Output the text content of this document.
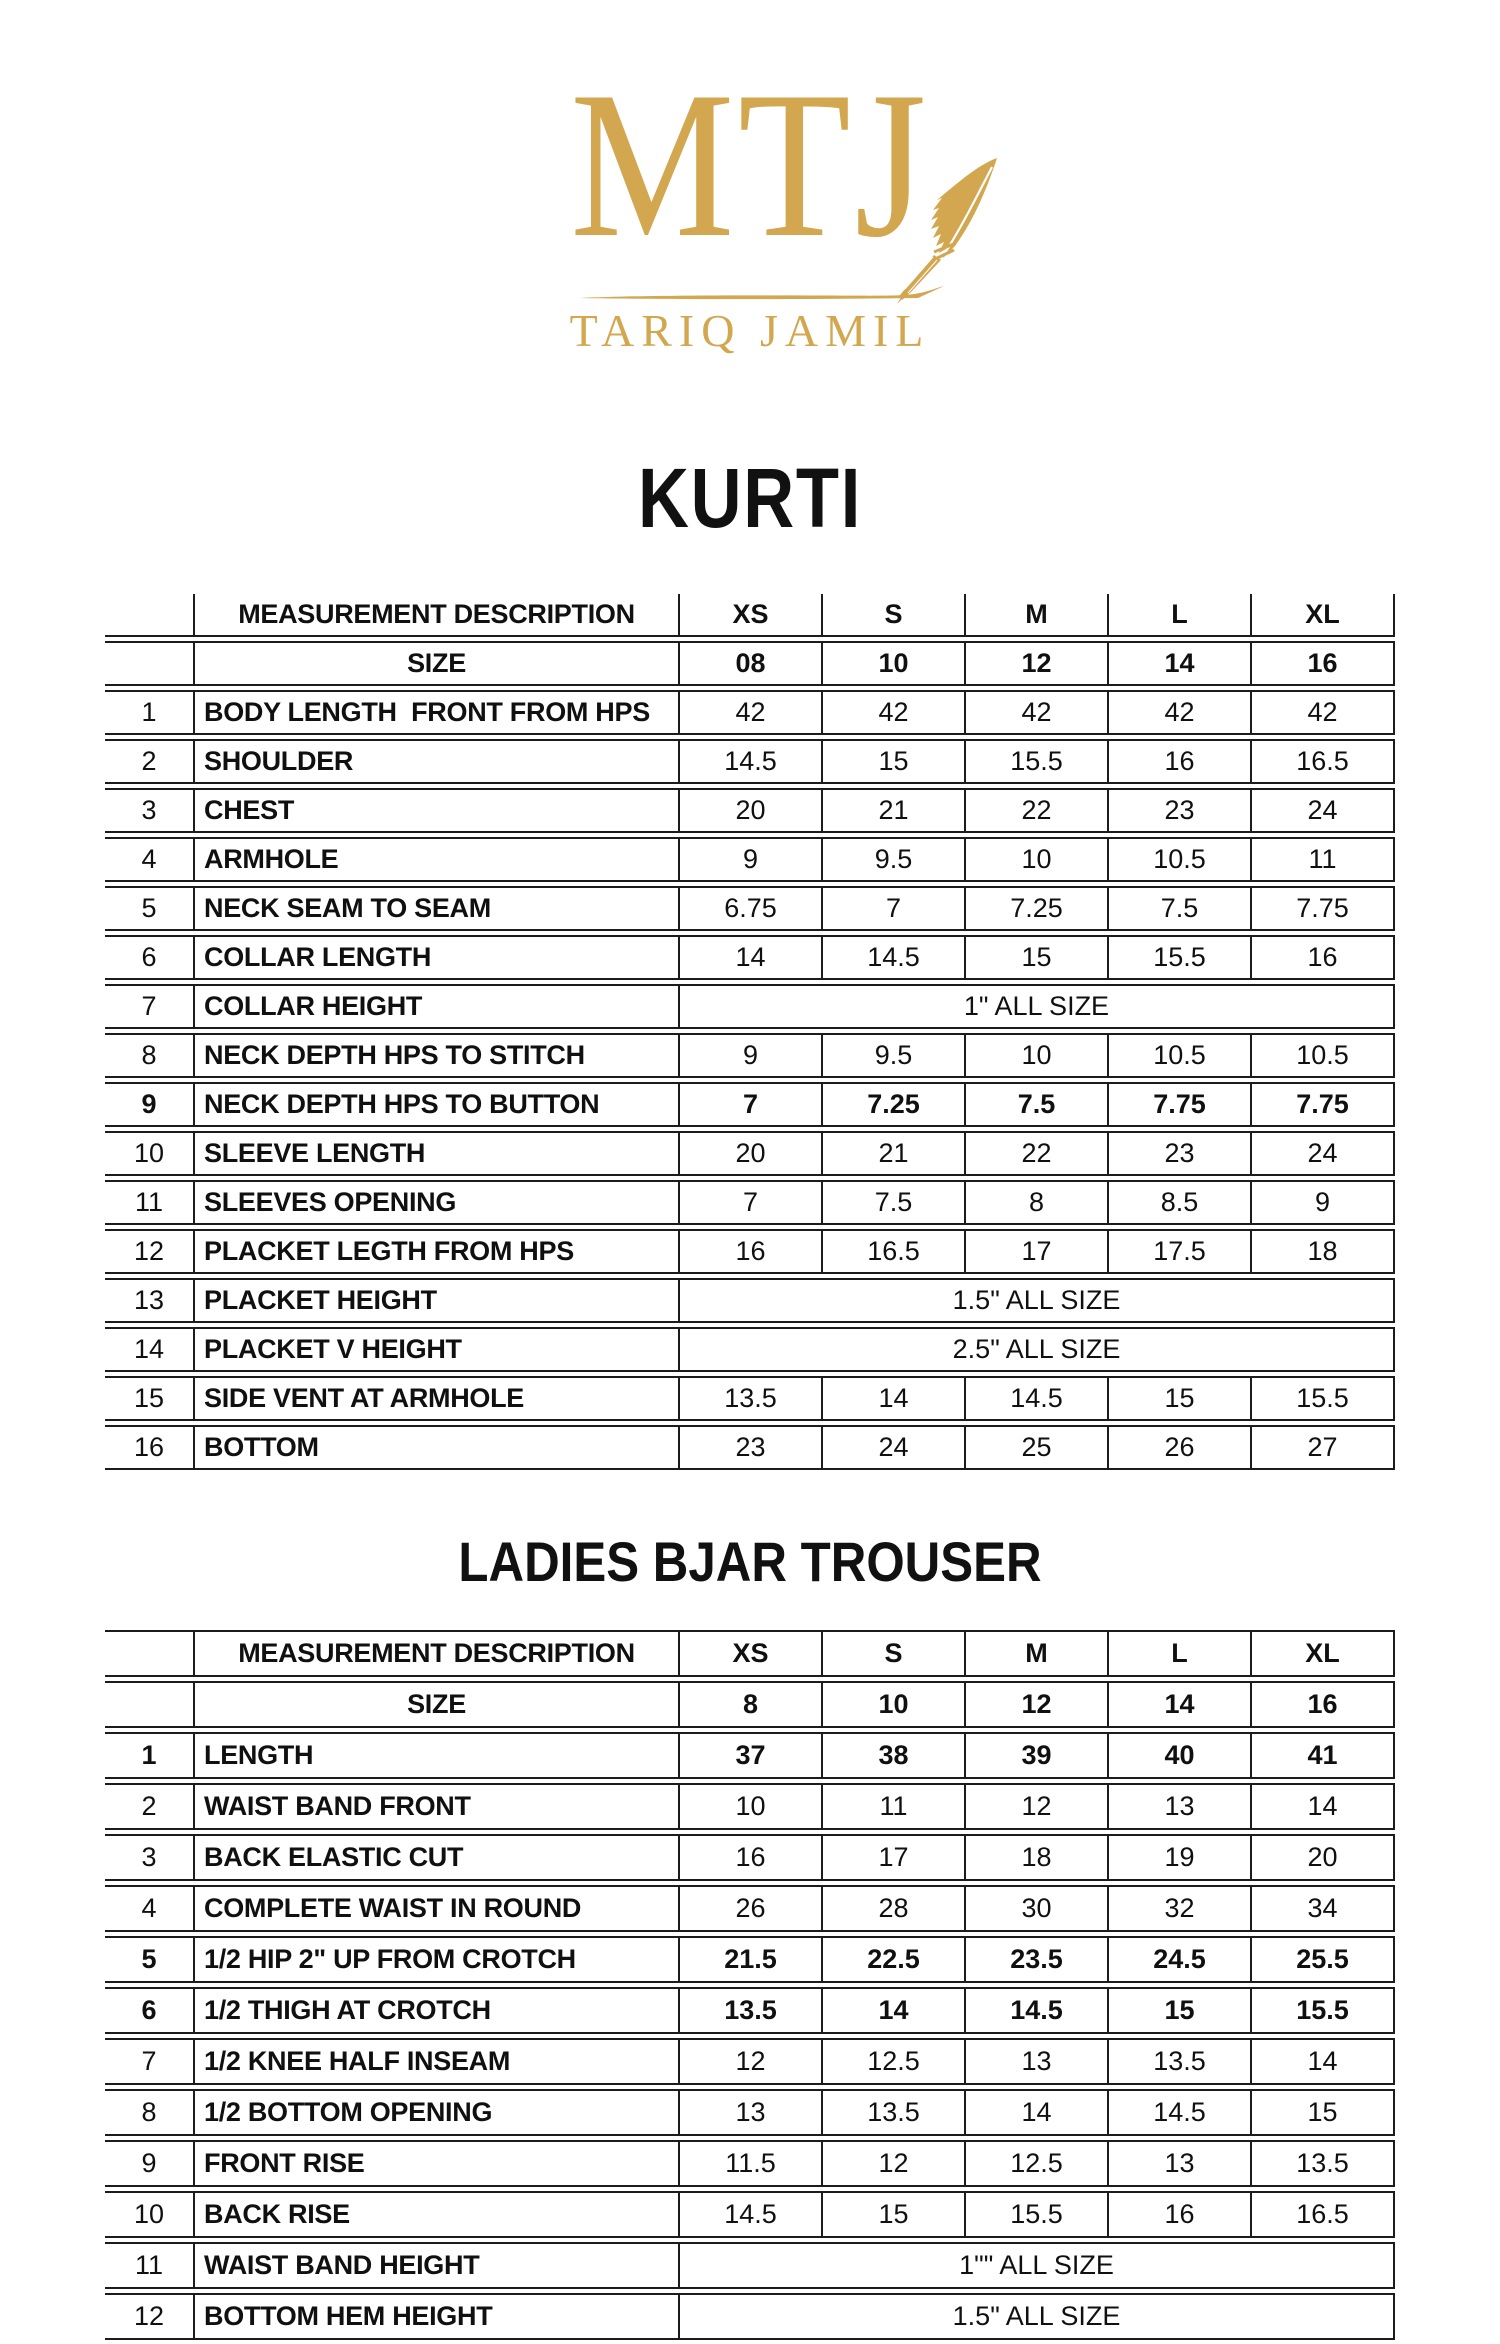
MTJ
TARIQ JAMIL
KURTI
	MEASUREMENT DESCRIPTION	XS	S	M	L	XL
	SIZE	08	10	12	14	16
1	BODY LENGTH  FRONT FROM HPS	42	42	42	42	42
2	SHOULDER	14.5	15	15.5	16	16.5
3	CHEST	20	21	22	23	24
4	ARMHOLE	9	9.5	10	10.5	11
5	NECK SEAM TO SEAM	6.75	7	7.25	7.5	7.75
6	COLLAR LENGTH	14	14.5	15	15.5	16
7	COLLAR HEIGHT	1" ALL SIZE				
8	NECK DEPTH HPS TO STITCH	9	9.5	10	10.5	10.5
9	NECK DEPTH HPS TO BUTTON	7	7.25	7.5	7.75	7.75
10	SLEEVE LENGTH	20	21	22	23	24
11	SLEEVES OPENING	7	7.5	8	8.5	9
12	PLACKET LEGTH FROM HPS	16	16.5	17	17.5	18
13	PLACKET HEIGHT	1.5" ALL SIZE				
14	PLACKET V HEIGHT	2.5" ALL SIZE				
15	SIDE VENT AT ARMHOLE	13.5	14	14.5	15	15.5
16	BOTTOM	23	24	25	26	27
LADIES BJAR TROUSER
	MEASUREMENT DESCRIPTION	XS	S	M	L	XL
	SIZE	8	10	12	14	16
1	LENGTH	37	38	39	40	41
2	WAIST BAND FRONT	10	11	12	13	14
3	BACK ELASTIC CUT	16	17	18	19	20
4	COMPLETE WAIST IN ROUND	26	28	30	32	34
5	1/2 HIP 2" UP FROM CROTCH	21.5	22.5	23.5	24.5	25.5
6	1/2 THIGH AT CROTCH	13.5	14	14.5	15	15.5
7	1/2 KNEE HALF INSEAM	12	12.5	13	13.5	14
8	1/2 BOTTOM OPENING	13	13.5	14	14.5	15
9	FRONT RISE	11.5	12	12.5	13	13.5
10	BACK RISE	14.5	15	15.5	16	16.5
11	WAIST BAND HEIGHT	1"" ALL SIZE				
12	BOTTOM HEM HEIGHT	1.5" ALL SIZE				
